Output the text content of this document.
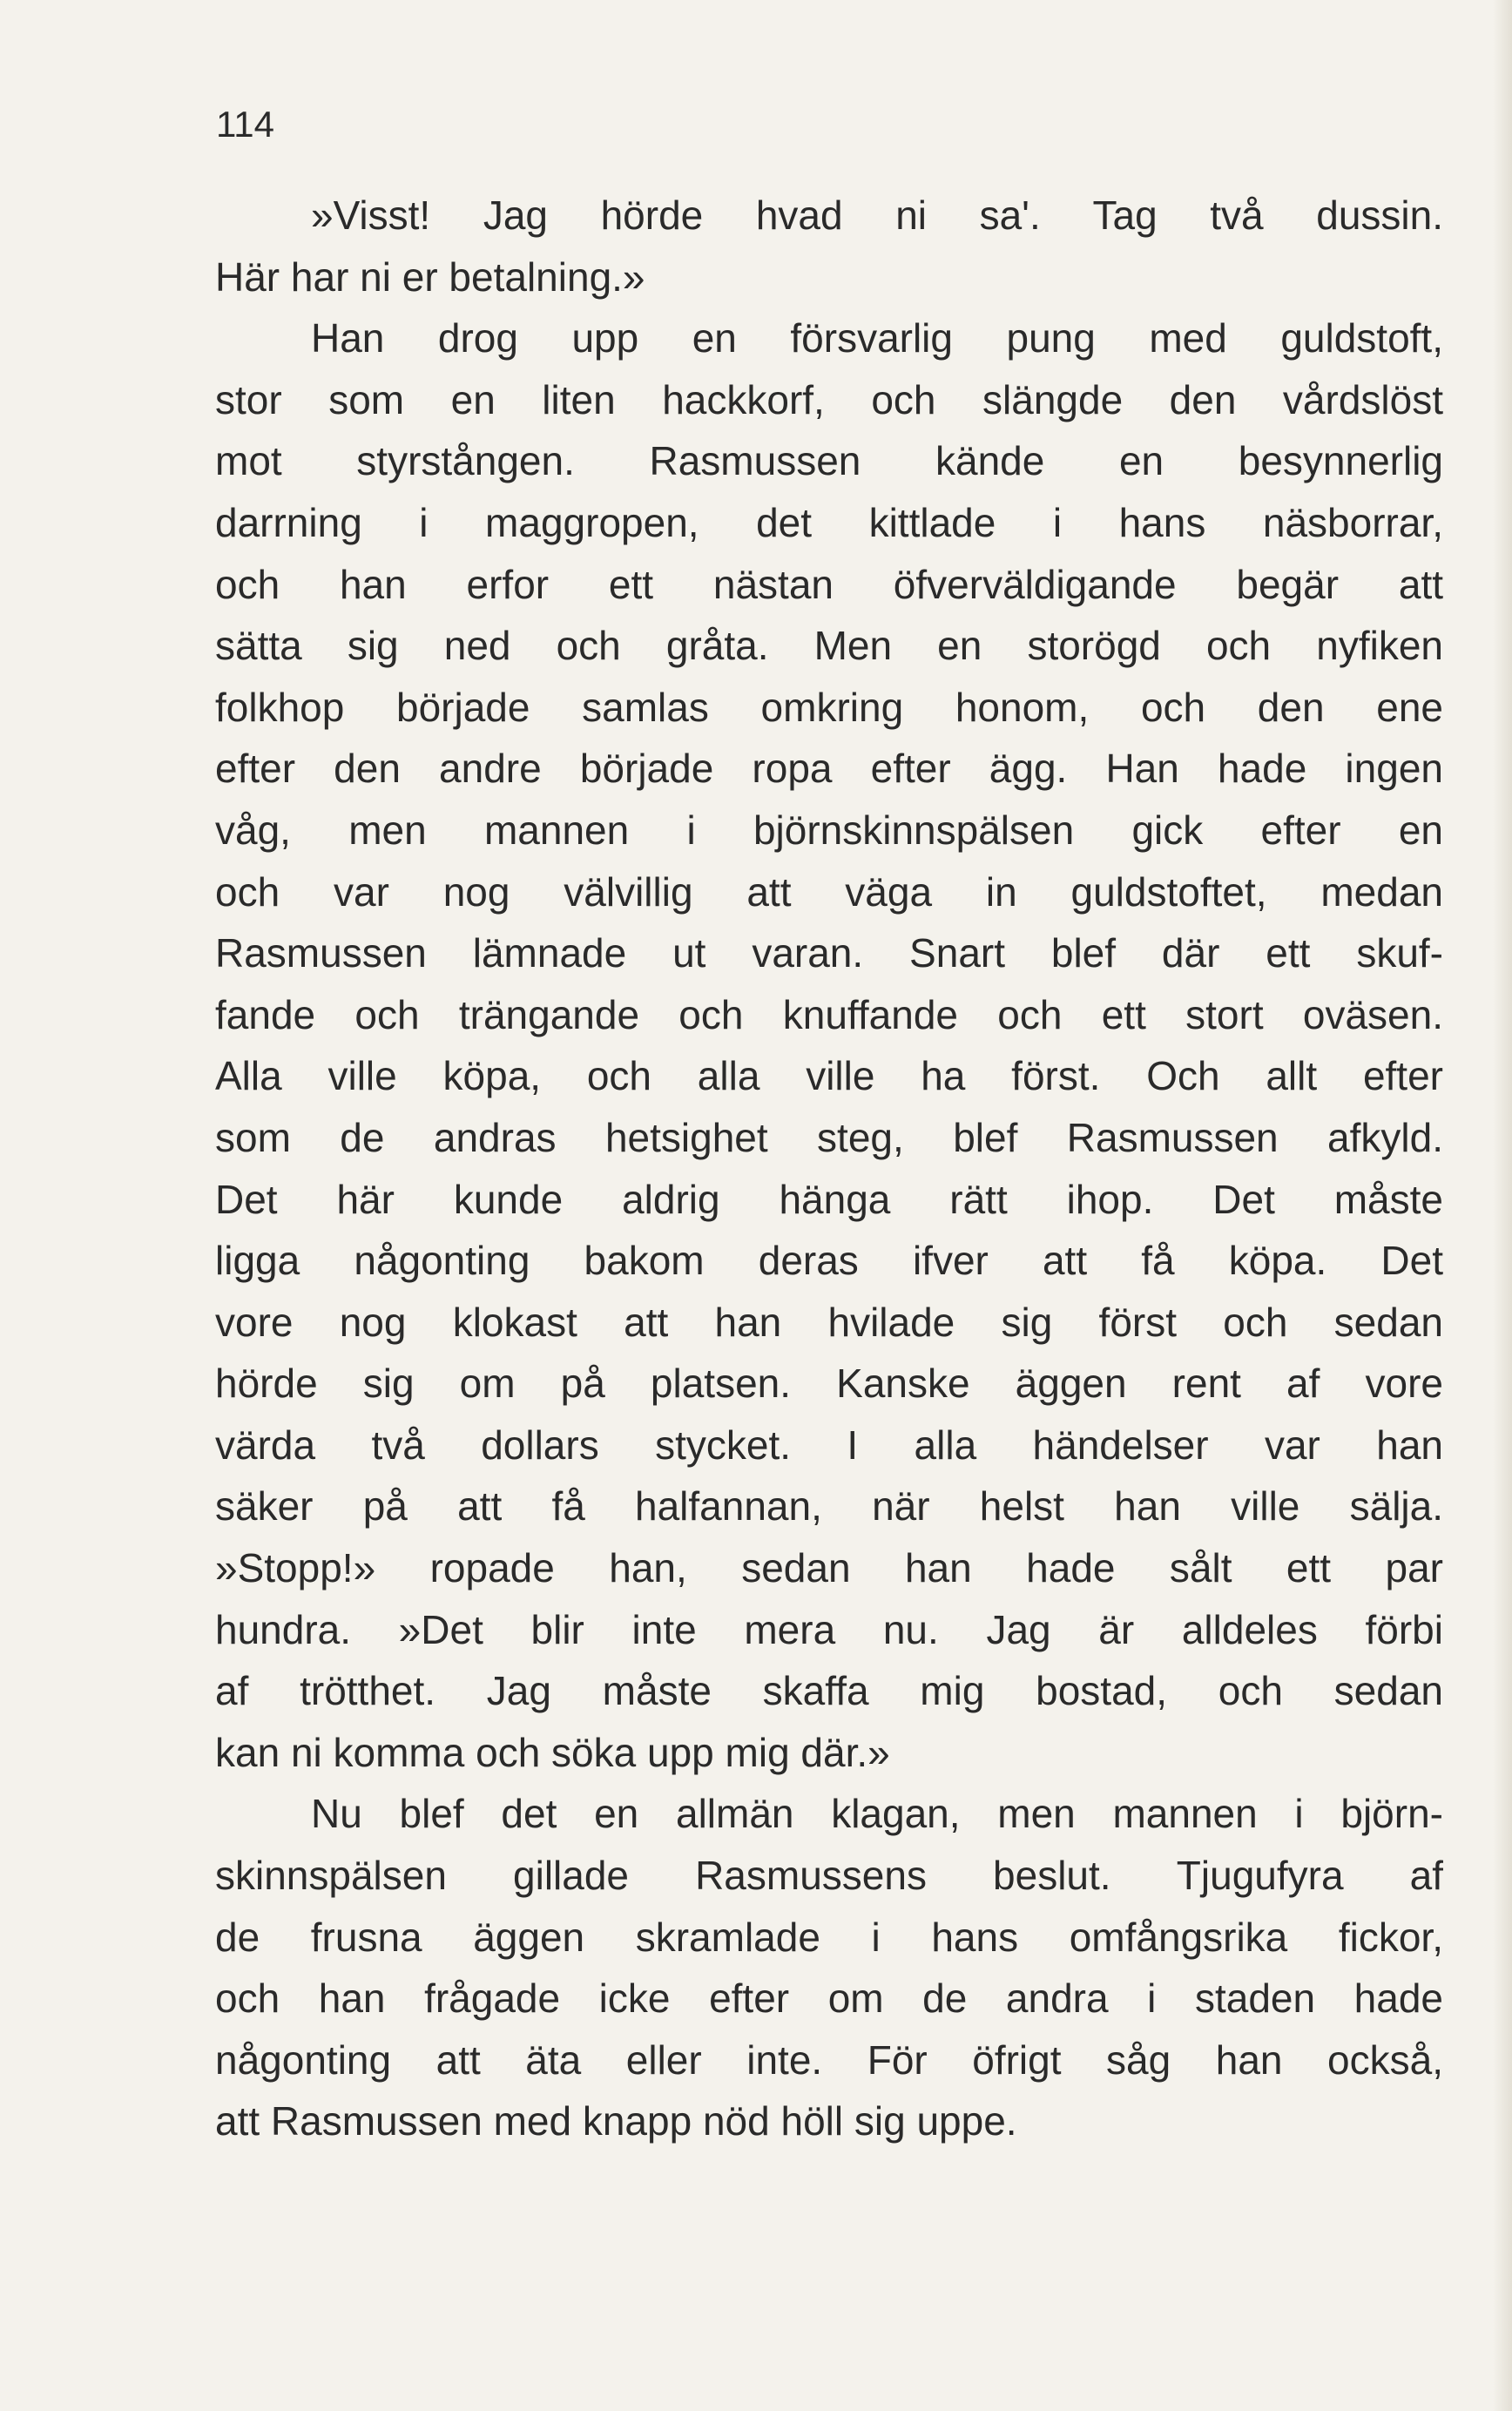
114

»Visst! Jag hörde hvad ni sa'. Tag två dussin.
Här har ni er betalning.»
Han drog upp en försvarlig pung med guldstoft,
stor som en liten hackkorf, och slängde den vårdslöst
mot styrstången. Rasmussen kände en besynnerlig
darrning i maggropen, det kittlade i hans näsborrar,
och han erfor ett nästan öfverväldigande begär att
sätta sig ned och gråta. Men en storögd och nyfiken
folkhop började samlas omkring honom, och den ene
efter den andre började ropa efter ägg. Han hade ingen
våg, men mannen i björnskinnspälsen gick efter en
och var nog välvillig att väga in guldstoftet, medan
Rasmussen lämnade ut varan. Snart blef där ett skuf-
fande och trängande och knuffande och ett stort oväsen.
Alla ville köpa, och alla ville ha först. Och allt efter
som de andras hetsighet steg, blef Rasmussen afkyld.
Det här kunde aldrig hänga rätt ihop. Det måste
ligga någonting bakom deras ifver att få köpa. Det
vore nog klokast att han hvilade sig först och sedan
hörde sig om på platsen. Kanske äggen rent af vore
värda två dollars stycket. I alla händelser var han
säker på att få halfannan, när helst han ville sälja.
»Stopp!» ropade han, sedan han hade sålt ett par
hundra. »Det blir inte mera nu. Jag är alldeles förbi
af trötthet. Jag måste skaffa mig bostad, och sedan
kan ni komma och söka upp mig där.»
Nu blef det en allmän klagan, men mannen i björn-
skinnspälsen gillade Rasmussens beslut. Tjugufyra af
de frusna äggen skramlade i hans omfångsrika fickor,
och han frågade icke efter om de andra i staden hade
någonting att äta eller inte. För öfrigt såg han också,
att Rasmussen med knapp nöd höll sig uppe.
